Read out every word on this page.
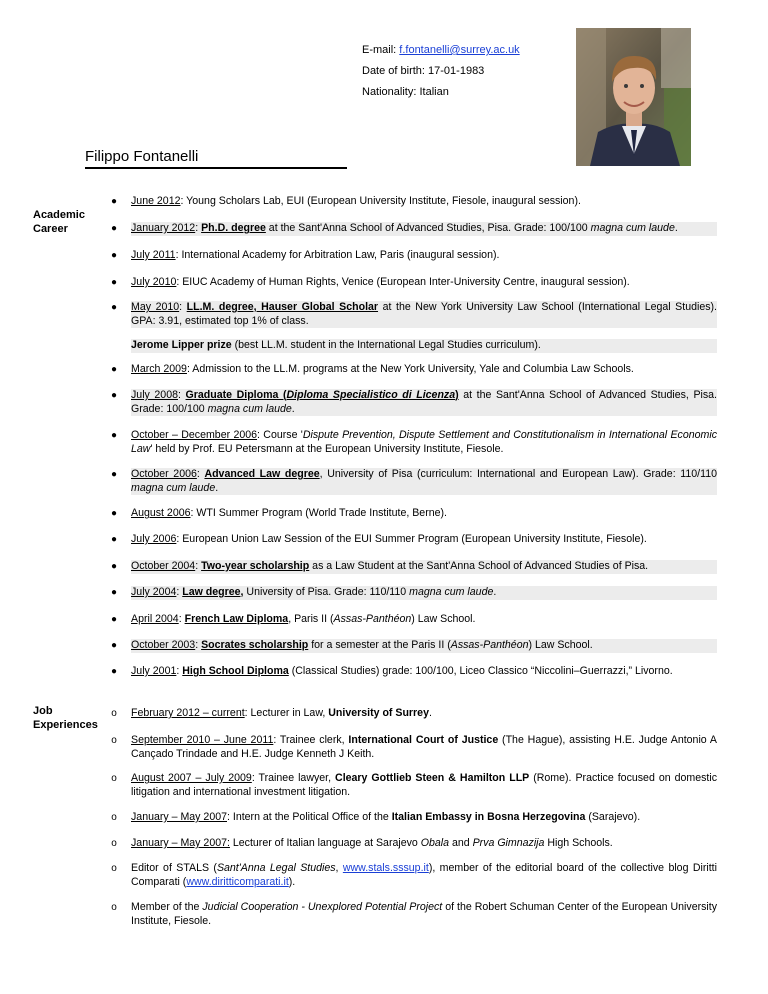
E-mail: f.fontanelli@surrey.ac.uk
Date of birth: 17-01-1983
Nationality: Italian
Filippo Fontanelli
Academic
Career
● June 2012: Young Scholars Lab, EUI (European University Institute, Fiesole, inaugural session).
● January 2012: Ph.D. degree at the Sant'Anna School of Advanced Studies, Pisa. Grade: 100/100 magna cum laude.
● July 2011: International Academy for Arbitration Law, Paris (inaugural session).
● July 2010: EIUC Academy of Human Rights, Venice (European Inter-University Centre, inaugural session).
● May 2010: LL.M. degree, Hauser Global Scholar at the New York University Law School (International Legal Studies).      GPA: 3.91, estimated top 1% of class.
Jerome Lipper prize (best LL.M. student in the International Legal Studies curriculum).
● March 2009: Admission to the LL.M. programs at the New York University, Yale and Columbia Law Schools.
● July 2008: Graduate Diploma (Diploma Specialistico di Licenza) at the Sant'Anna School of Advanced Studies, Pisa. Grade: 100/100 magna cum laude.
● October – December 2006: Course 'Dispute Prevention, Dispute Settlement and Constitutionalism in International Economic Law' held by Prof. EU Petersmann at the European University Institute, Fiesole.
● October 2006: Advanced Law degree, University of Pisa (curriculum: International and European Law). Grade: 110/110 magna cum laude.
● August 2006: WTI Summer Program (World Trade Institute, Berne).
● July 2006: European Union Law Session of the EUI Summer Program (European University Institute, Fiesole).
● October 2004: Two-year scholarship as a Law Student at the Sant'Anna School of Advanced Studies of Pisa.
● July 2004: Law degree, University of Pisa. Grade: 110/110 magna cum laude.
● April 2004: French Law Diploma, Paris II (Assas-Panthéon) Law School.
● October 2003: Socrates scholarship for a semester at the Paris II (Assas-Panthéon) Law School.
● July 2001: High School Diploma (Classical Studies) grade: 100/100, Liceo Classico “Niccolini–Guerrazzi,” Livorno.
Job
Experiences
o February 2012 – current: Lecturer in Law, University of Surrey.
o September 2010 – June 2011: Trainee clerk, International Court of Justice (The Hague), assisting H.E. Judge Antonio A Cançado Trindade and H.E. Judge Kenneth J Keith.
o August 2007 – July 2009: Trainee lawyer, Cleary Gottlieb Steen & Hamilton LLP (Rome). Practice focused on domestic litigation and international investment litigation.
o January – May 2007: Intern at the Political Office of the Italian Embassy in Bosna Herzegovina (Sarajevo).
o January – May 2007: Lecturer of Italian language at Sarajevo Obala and Prva Gimnazija High Schools.
o Editor of STALS (Sant'Anna Legal Studies, www.stals.sssup.it), member of the editorial board of the collective blog Diritti Comparati (www.diritticomparati.it).
o Member of the Judicial Cooperation - Unexplored Potential Project of the Robert Schuman Center of the European University Institute, Fiesole.
